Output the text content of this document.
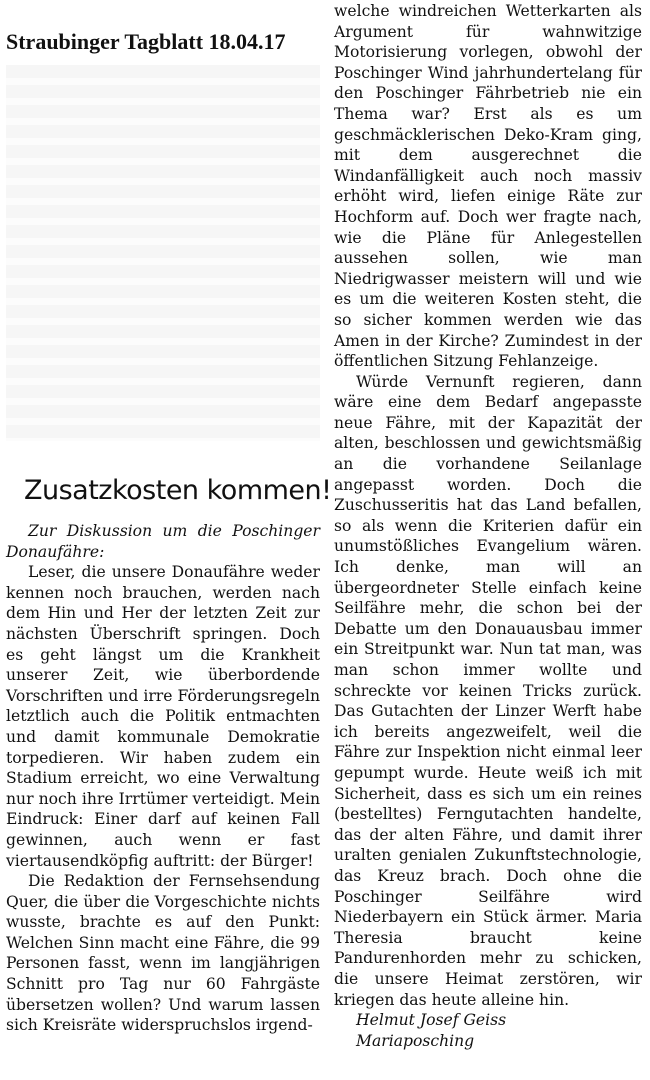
Straubinger Tagblatt 18.04.17
Zusatzkosten kommen!
Zur Diskussion um die Poschinger Donaufähre:

Leser, die unsere Donaufähre weder kennen noch brauchen, werden nach dem Hin und Her der letzten Zeit zur nächsten Überschrift springen. Doch es geht längst um die Krankheit unserer Zeit, wie überbordende Vorschriften und irre Förderungsregeln letztlich auch die Politik entmachten und damit kommunale Demokratie torpedieren. Wir haben zudem ein Stadium erreicht, wo eine Verwaltung nur noch ihre Irrtümer verteidigt. Mein Eindruck: Einer darf auf keinen Fall gewinnen, auch wenn er fast viertausendköpfig auftritt: der Bürger!

Die Redaktion der Fernsehsendung Quer, die über die Vorgeschichte nichts wusste, brachte es auf den Punkt: Welchen Sinn macht eine Fähre, die 99 Personen fasst, wenn im langjährigen Schnitt pro Tag nur 60 Fahrgäste übersetzen wollen? Und warum lassen sich Kreisräte widerspruchslos irgend-

welche windreichen Wetterkarten als Argument für wahnwitzige Motorisierung vorlegen, obwohl der Poschinger Wind jahrhundertelang für den Poschinger Fährbetrieb nie ein Thema war? Erst als es um geschmäcklerischen Deko-Kram ging, mit dem ausgerechnet die Windanfälligkeit auch noch massiv erhöht wird, liefen einige Räte zur Hochform auf. Doch wer fragte nach, wie die Pläne für Anlegestellen aussehen sollen, wie man Niedrigwasser meistern will und wie es um die weiteren Kosten steht, die so sicher kommen werden wie das Amen in der Kirche? Zumindest in der öffentlichen Sitzung Fehlanzeige.

Würde Vernunft regieren, dann wäre eine dem Bedarf angepasste neue Fähre, mit der Kapazität der alten, beschlossen und gewichtsmäßig an die vorhandene Seilanlage angepasst worden. Doch die Zuschusseritis hat das Land befallen, so als wenn die Kriterien dafür ein unumstößliches Evangelium wären. Ich denke, man will an übergeordneter Stelle einfach keine Seilfähre mehr, die schon bei der Debatte um den Donauausbau immer ein Streitpunkt war. Nun tat man, was man schon immer wollte und schreckte vor keinen Tricks zurück. Das Gutachten der Linzer Werft habe ich bereits angezweifelt, weil die Fähre zur Inspektion nicht einmal leer gepumpt wurde. Heute weiß ich mit Sicherheit, dass es sich um ein reines (bestelltes) Ferngutachten handelte, das der alten Fähre, und damit ihrer uralten genialen Zukunftstechnologie, das Kreuz brach. Doch ohne die Poschinger Seilfähre wird Niederbayern ein Stück ärmer. Maria Theresia braucht keine Pandurenhorden mehr zu schicken, die unsere Heimat zerstören, wir kriegen das heute alleine hin.

Helmut Josef Geiss

Mariaposching
